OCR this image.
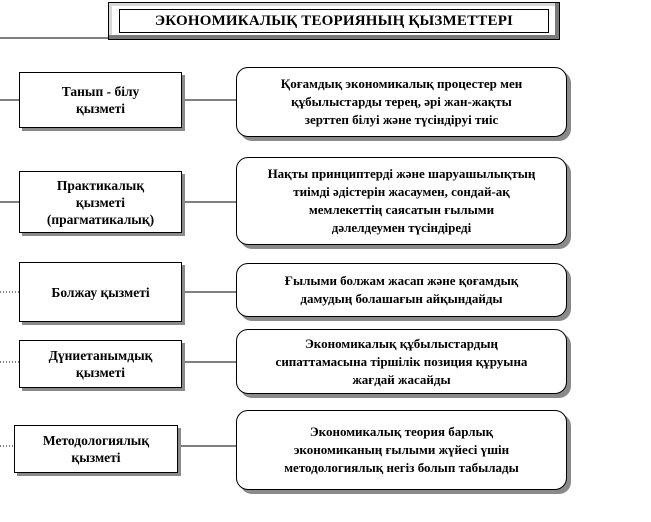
ЭКОНОМИКАЛЫҚ ТЕОРИЯНЫҢ ҚЫЗМЕТТЕРІ
Танып - білу
қызметі
Қоғамдық экономикалық процестер мен
құбылыстарды терең, әрі жан-жақты
зерттеп білуі және түсіндіруі тиіс
Практикалық
қызметі
(прагматикалық)
Нақты принциптерді және шаруашылықтың
тиімді әдістерін жасаумен, сондай-ақ
мемлекеттің саясатын ғылыми
дәлелдеумен түсіндіреді
Болжау қызметі
Ғылыми болжам жасап және қоғамдық
дамудың болашағын айқындайды
Дүниетанымдық
қызметі
Экономикалық құбылыстардың
сипаттамасына тіршілік позиция құруына
жағдай жасайды
Методологиялық
қызметі
Экономикалық теория барлық
экономиканың ғылыми жүйесі үшін
методологиялық негіз болып табылады
